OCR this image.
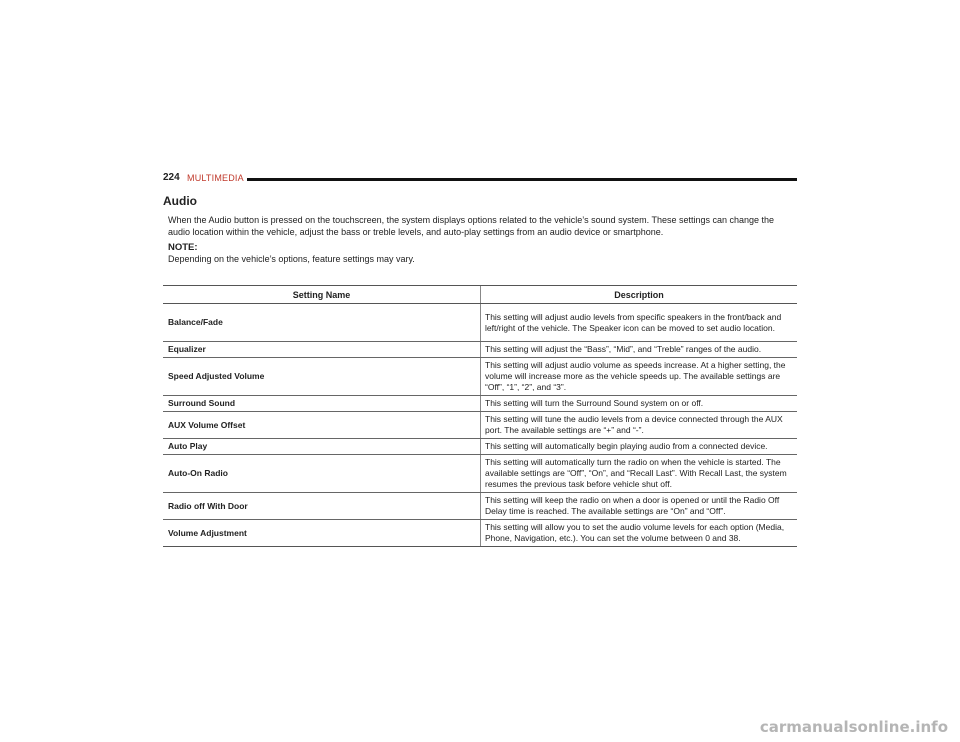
224 MULTIMEDIA
Audio
When the Audio button is pressed on the touchscreen, the system displays options related to the vehicle’s sound system. These settings can change the audio location within the vehicle, adjust the bass or treble levels, and auto-play settings from an audio device or smartphone.
NOTE:
Depending on the vehicle’s options, feature settings may vary.
Setting Name	Description
Balance/Fade	This setting will adjust audio levels from specific speakers in the front/back and left/right of the vehicle. The Speaker icon can be moved to set audio location.
Equalizer	This setting will adjust the “Bass”, “Mid”, and “Treble” ranges of the audio.
Speed Adjusted Volume	This setting will adjust audio volume as speeds increase. At a higher setting, the volume will increase more as the vehicle speeds up. The available settings are “Off”, “1”, “2”, and “3”.
Surround Sound	This setting will turn the Surround Sound system on or off.
AUX Volume Offset	This setting will tune the audio levels from a device connected through the AUX port. The available settings are “+” and “-”.
Auto Play	This setting will automatically begin playing audio from a connected device.
Auto-On Radio	This setting will automatically turn the radio on when the vehicle is started. The available settings are “Off”, “On”, and “Recall Last”. With Recall Last, the system resumes the previous task before vehicle shut off.
Radio off With Door	This setting will keep the radio on when a door is opened or until the Radio Off Delay time is reached. The available settings are “On” and “Off”.
Volume Adjustment	This setting will allow you to set the audio volume levels for each option (Media, Phone, Navigation, etc.). You can set the volume between 0 and 38.
carmanualsonline.info
